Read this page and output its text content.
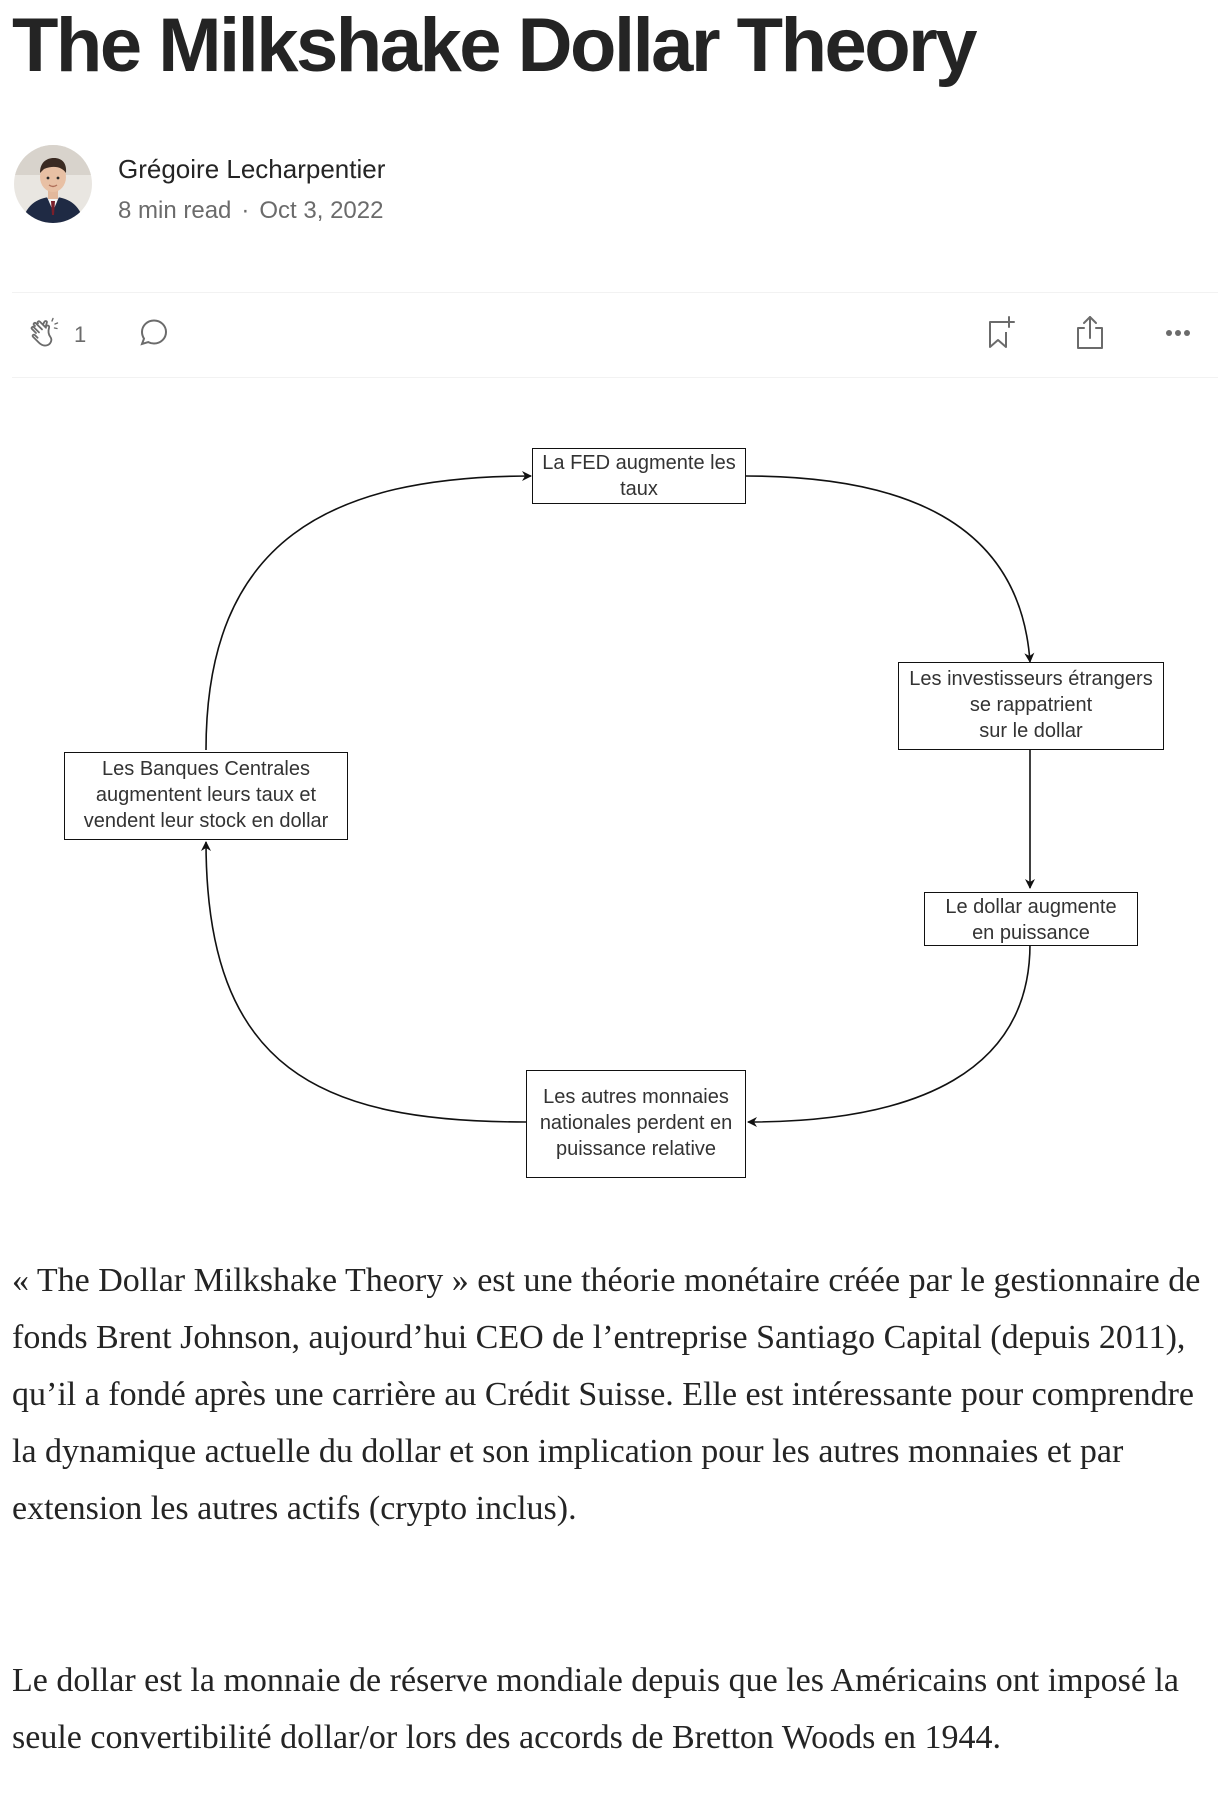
The Milkshake Dollar Theory
Grégoire Lecharpentier
8 min read · Oct 3, 2022
1
La FED augmente les
taux
Les investisseurs étrangers
se rappatrient
sur le dollar
Le dollar augmente
en puissance
Les autres monnaies
nationales perdent en
puissance relative
Les Banques Centrales
augmentent leurs taux et
vendent leur stock en dollar

« The Dollar Milkshake Theory » est une théorie monétaire créée par le gestionnaire de fonds Brent Johnson, aujourd’hui CEO de l’entreprise Santiago Capital (depuis 2011), qu’il a fondé après une carrière au Crédit Suisse. Elle est intéressante pour comprendre la dynamique actuelle du dollar et son implication pour les autres monnaies et par extension les autres actifs (crypto inclus).

Le dollar est la monnaie de réserve mondiale depuis que les Américains ont imposé la seule convertibilité dollar/or lors des accords de Bretton Woods en 1944.
